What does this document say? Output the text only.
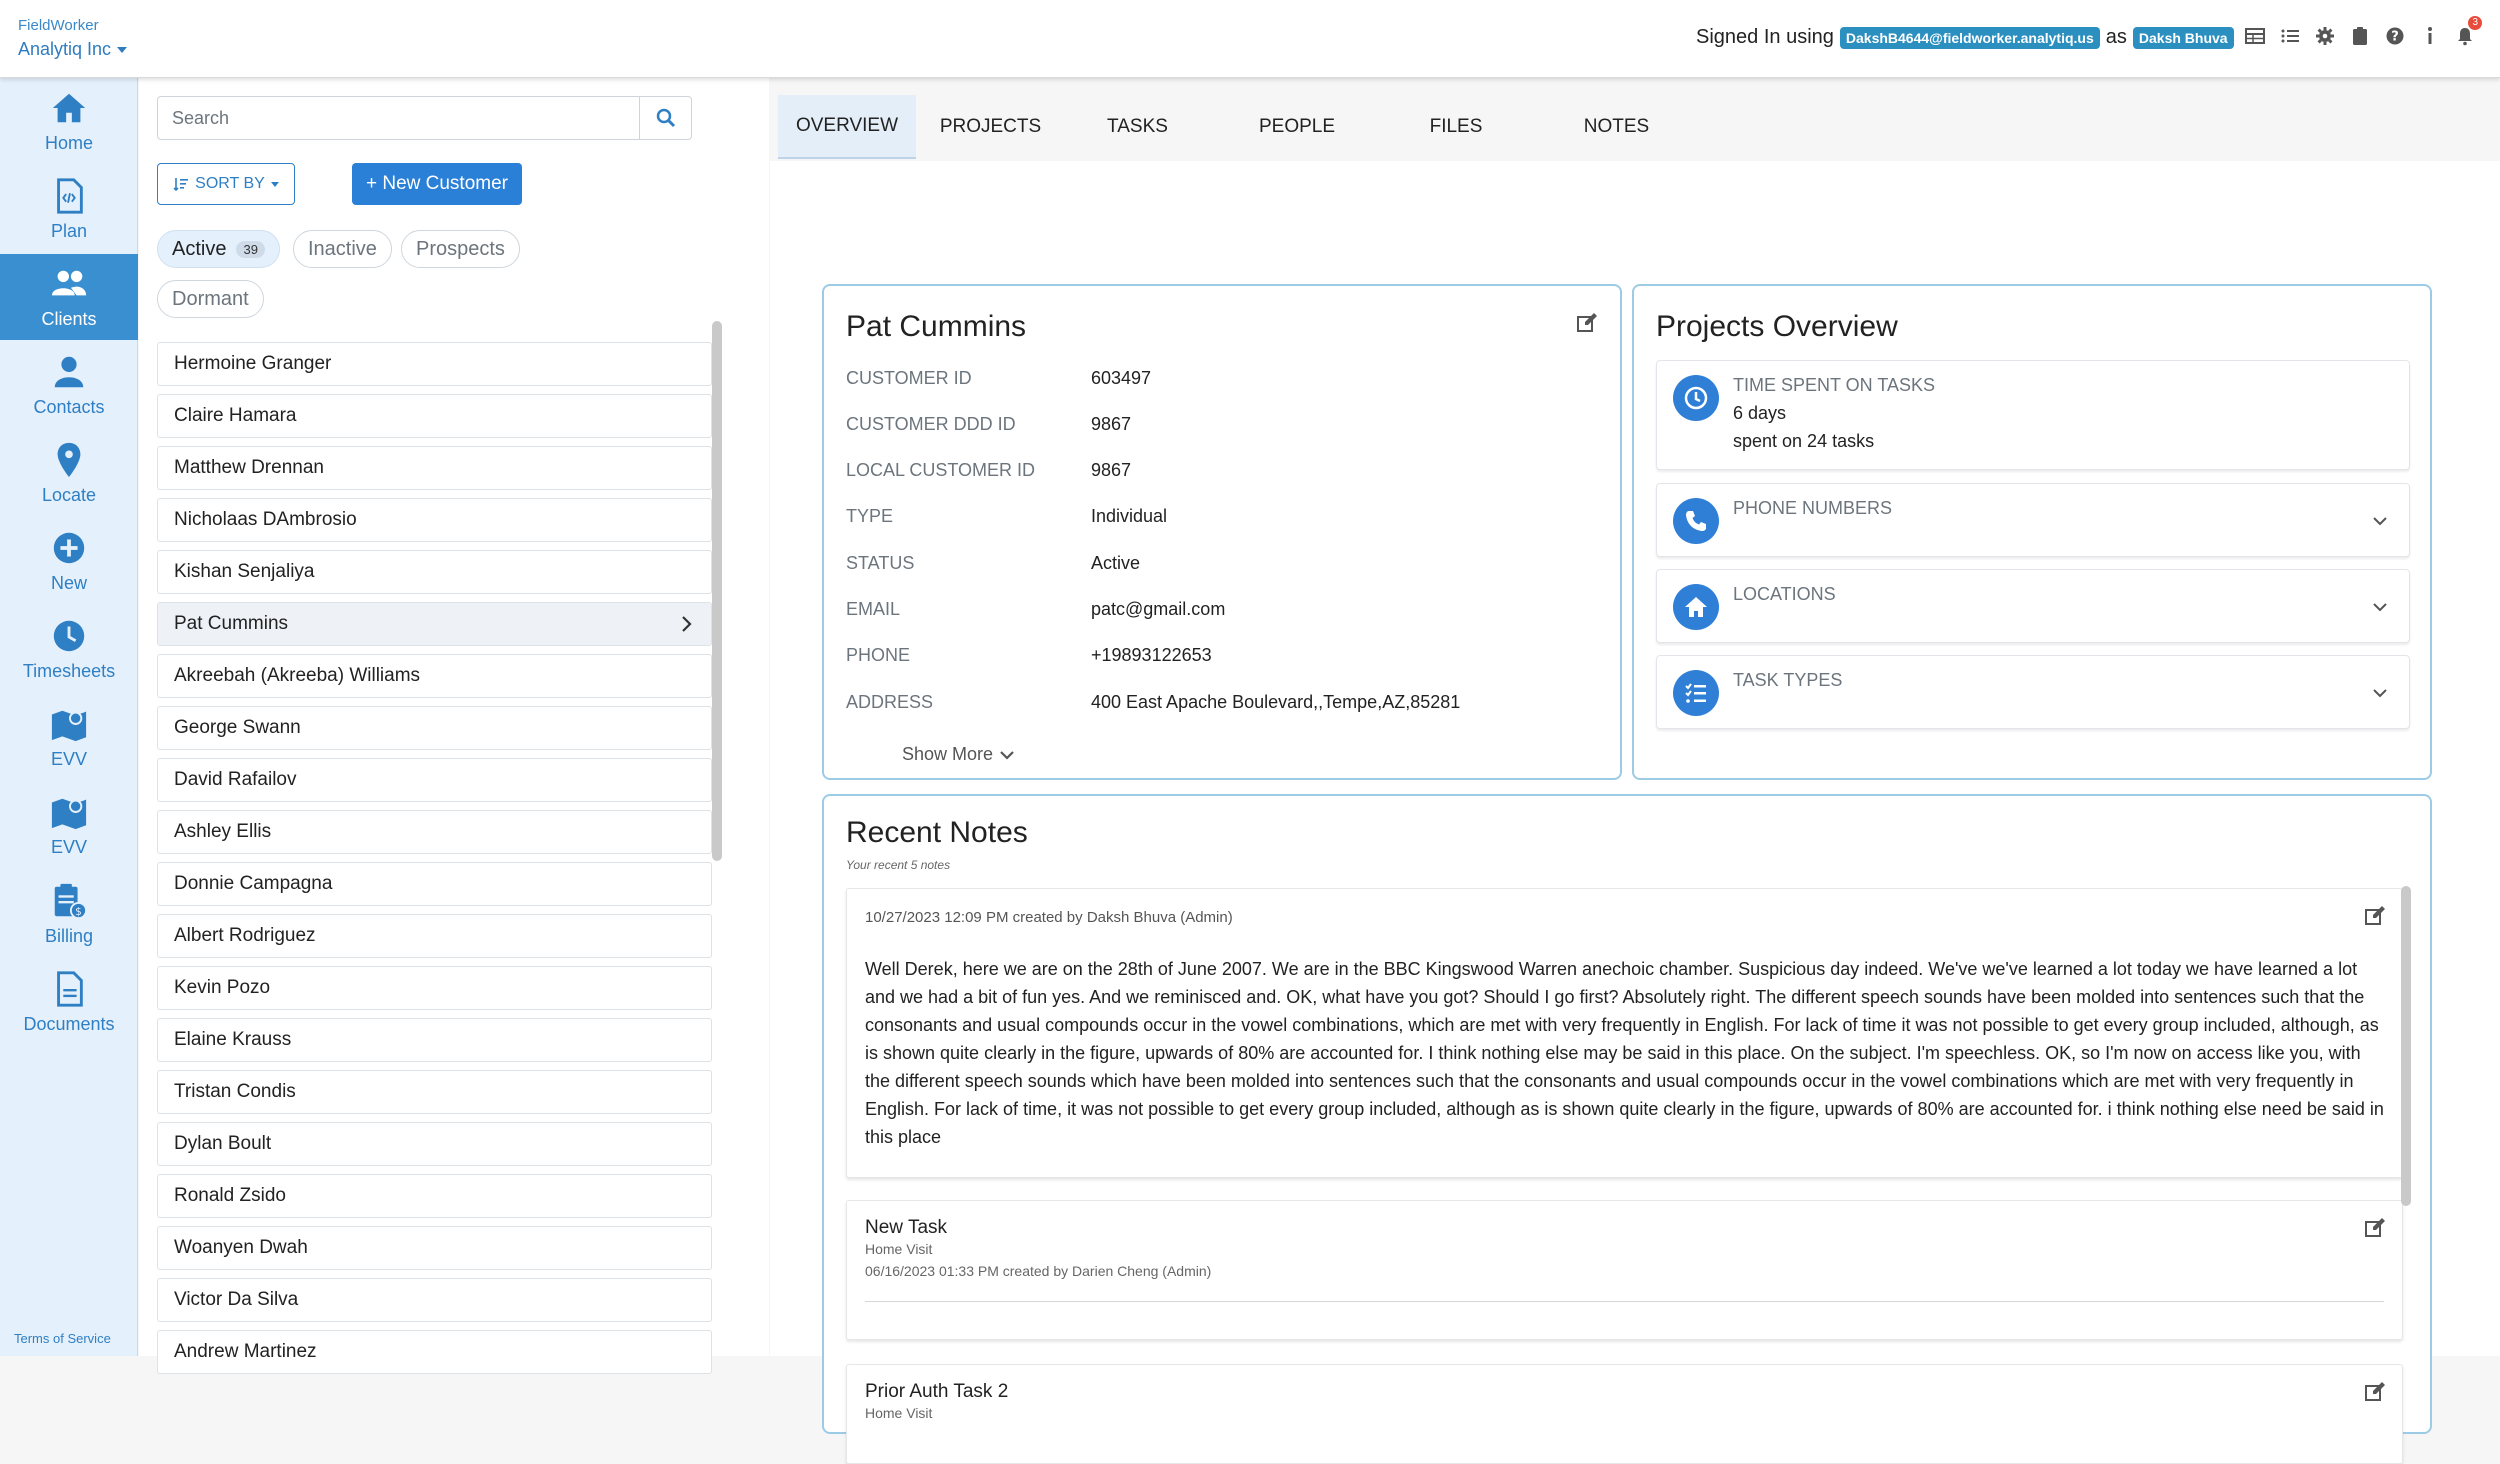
FieldWorker
Analytiq Inc
Signed In using DakshB4644@fieldworker.analytiq.us as Daksh Bhuva	?
3
Home
Plan
Clients
Contacts
Locate
New
Timesheets
EVV
EVV
$
Billing
Documents
Terms of Service
Search
SORT BY	+ New Customer
Active	39	Inactive Prospects
Dormant
Hermoine Granger
Claire Hamara
Matthew Drennan
Nicholaas DAmbrosio
Kishan Senjaliya
Pat Cummins
Akreebah (Akreeba) Williams
George Swann
David Rafailov
Ashley Ellis
Donnie Campagna
Albert Rodriguez
Kevin Pozo
Elaine Krauss
Tristan Condis
Dylan Boult
Ronald Zsido
Woanyen Dwah
Victor Da Silva
Andrew Martinez
OVERVIEW	PROJECTS	TASKS	PEOPLE	FILES	NOTES
Pat Cummins
CUSTOMER ID	603497
CUSTOMER DDD ID	9867
LOCAL CUSTOMER ID	9867
TYPE	Individual
STATUS	Active
EMAIL	patc@gmail.com
PHONE	+19893122653
ADDRESS	400 East Apache Boulevard,,Tempe,AZ,85281
Show More
Projects Overview
TIME SPENT ON TASKS
6 days
spent on 24 tasks
PHONE NUMBERS
LOCATIONS
TASK TYPES
Recent Notes
Your recent 5 notes
10/27/2023 12:09 PM created by Daksh Bhuva (Admin)
Well Derek, here we are on the 28th of June 2007. We are in the BBC Kingswood Warren anechoic chamber. Suspicious day indeed. We've we've learned a lot today we have learned a lot and we had a bit of fun yes. And we reminisced and. OK, what have you got? Should I go first? Absolutely right. The different speech sounds have been molded into sentences such that the consonants and usual compounds occur in the vowel combinations, which are met with very frequently in English. For lack of time it was not possible to get every group included, although, as is shown quite clearly in the figure, upwards of 80% are accounted for. I think nothing else may be said in this place. On the subject. I'm speechless. OK, so I'm now on access like you, with the different speech sounds which have been molded into sentences such that the consonants and usual compounds occur in the vowel combinations which are met with very frequently in English. For lack of time, it was not possible to get every group included, although as is shown quite clearly in the figure, upwards of 80% are accounted for. i think nothing else need be said in this place
New Task
Home Visit
06/16/2023 01:33 PM created by Darien Cheng (Admin)
Prior Auth Task 2
Home Visit
